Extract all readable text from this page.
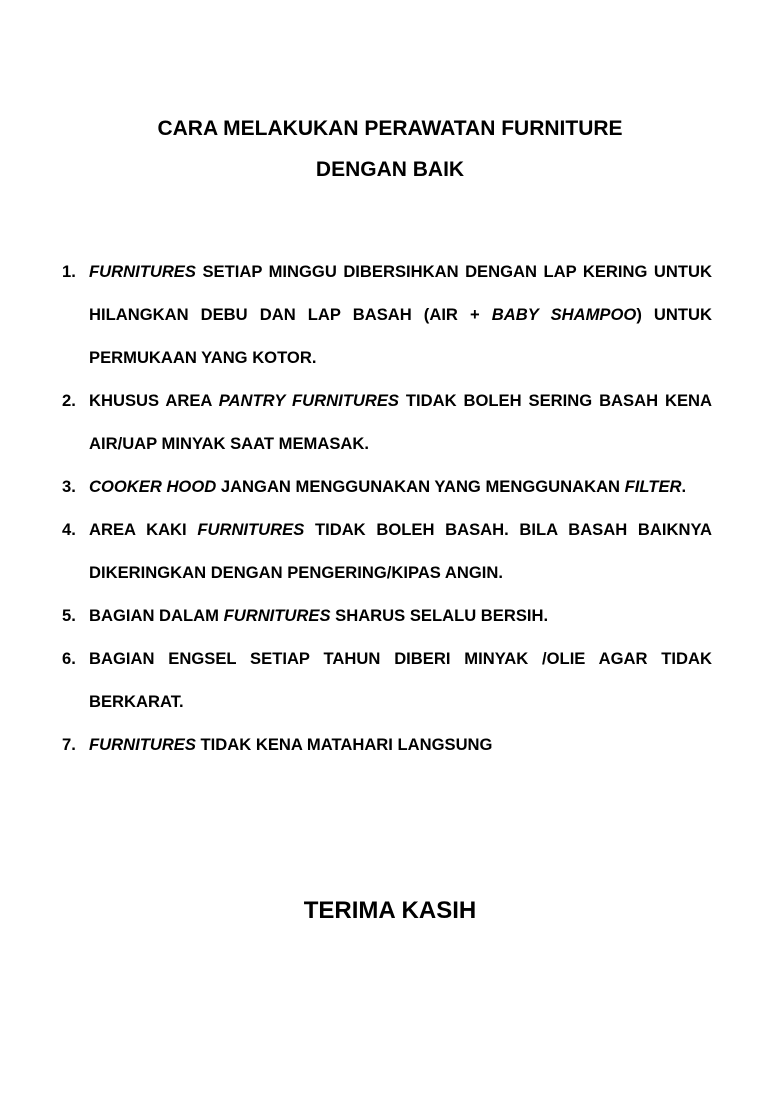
CARA MELAKUKAN PERAWATAN FURNITURE
DENGAN BAIK
1. FURNITURES SETIAP MINGGU DIBERSIHKAN DENGAN LAP KERING UNTUK HILANGKAN DEBU DAN LAP BASAH (AIR + BABY SHAMPOO) UNTUK PERMUKAAN YANG KOTOR.
2. KHUSUS AREA PANTRY FURNITURES TIDAK BOLEH SERING BASAH KENA AIR/UAP MINYAK SAAT MEMASAK.
3. COOKER HOOD JANGAN MENGGUNAKAN YANG MENGGUNAKAN FILTER.
4. AREA KAKI FURNITURES TIDAK BOLEH BASAH. BILA BASAH BAIKNYA DIKERINGKAN DENGAN PENGERING/KIPAS ANGIN.
5. BAGIAN DALAM FURNITURES SHARUS SELALU BERSIH.
6. BAGIAN ENGSEL SETIAP TAHUN DIBERI MINYAK /OLIE AGAR TIDAK BERKARAT.
7. FURNITURES TIDAK KENA MATAHARI LANGSUNG
TERIMA KASIH
